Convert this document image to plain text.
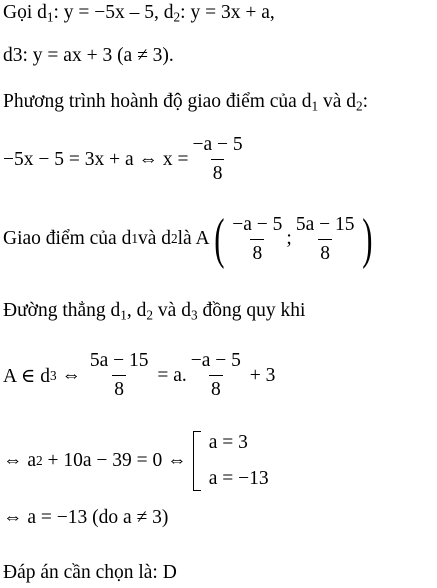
Gọi $d_1$: y = −5x – 5, $d_2$: y = 3x + a,
d3: y = ax + 3 (a ≠ 3).
Phương trình hoành độ giao điểm của $d_1$ và $d_2$:
−5x − 5 = 3x + a ⇔ $x = \frac{-a - 5}{8}$
Giao điểm của d 1 và d 2 là A ( $\frac{-a - 5}{8}$ ; $\frac{5a - 15}{8}$ )
Đường thẳng $d_1$, $d_2$ và $d_3$ đồng quy khi
A ∈ d 3 ⇔ $\frac{5a - 15}{8} = a$. $\frac{-a - 5}{8} + 3$
⇔ a 2 + 10a − 39 = 0 ⇔
a = 3
a = −13
⇔ a = −13 (do a ≠ 3)
Đáp án cần chọn là: D
